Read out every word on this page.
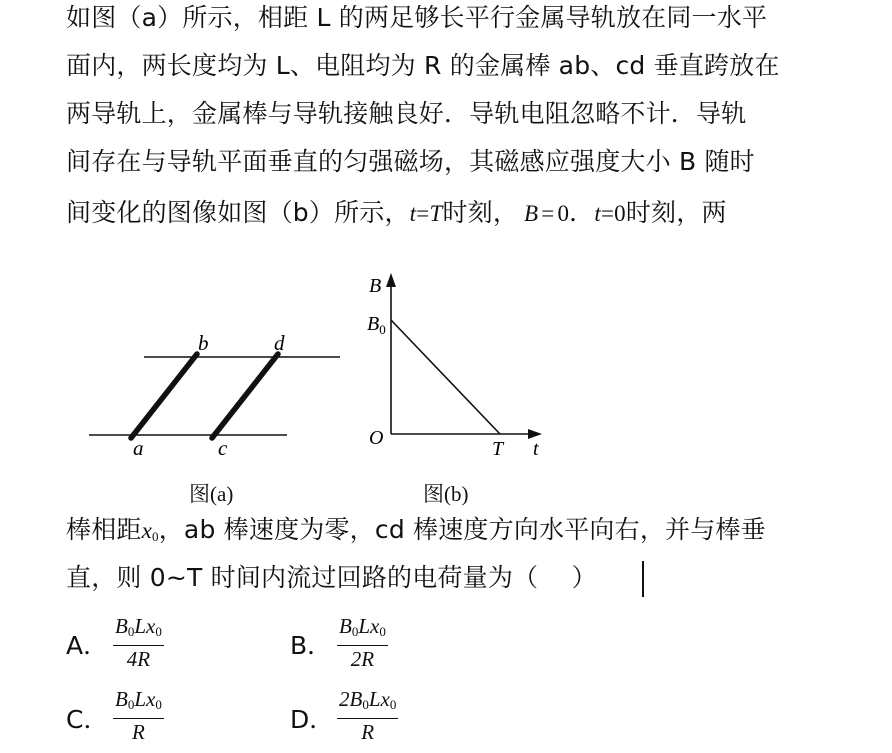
如图（a）所示，相距 L 的两足够长平行金属导轨放在同一水平
面内，两长度均为 L、电阻均为 R 的金属棒 ab、cd 垂直跨放在
两导轨上，金属棒与导轨接触良好．导轨电阻忽略不计．导轨
间存在与导轨平面垂直的匀强磁场，其磁感应强度大小 B 随时
间变化的图像如图（b）所示，t=T时刻， B = 0．t=0时刻，两
b	d
a	c
B
$B_0$
O	T t
图(a)	图(b)
棒相距$x_0$，ab 棒速度为零，cd 棒速度方向水平向右，并与棒垂
直，则 0~T 时间内流过回路的电荷量为（　 ）
A． $\frac{B_0Lx_0}{4R}$	B． $\frac{B_0Lx_0}{2R}$
C． $\frac{B_0Lx_0}{R}$	D． $\frac{2B_0Lx_0}{R}$
